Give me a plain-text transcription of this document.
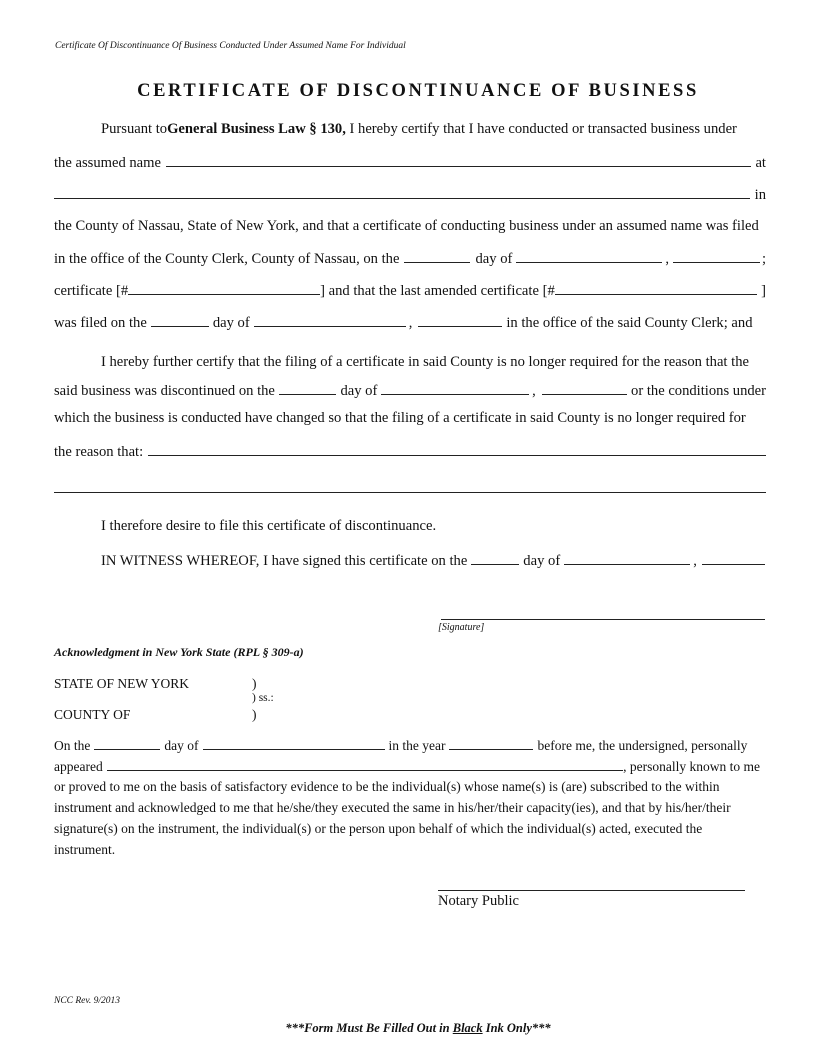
Certificate Of Discontinuance Of Business Conducted Under Assumed Name For Individual
CERTIFICATE OF DISCONTINUANCE OF BUSINESS
Pursuant to General Business Law § 130, I hereby certify that I have conducted or transacted business under
the assumed name	at
in
the County of Nassau, State of New York, and that a certificate of conducting business under an assumed name was filed
in the office of the County Clerk, County of Nassau, on the	day of	,	;
certificate [#	] and that the last amended certificate [#	]
was filed on the	day of	,	in the office of the said County Clerk; and
I hereby further certify that the filing of a certificate in said County is no longer required for the reason that the
said business was discontinued on the	day of	,	or the conditions under
which the business is conducted have changed so that the filing of a certificate in said County is no longer required for
the reason that:
I therefore desire to file this certificate of discontinuance.
IN WITNESS WHEREOF, I have signed this certificate on the	day of	,
[Signature]
Acknowledgment in New York State (RPL § 309-a)
STATE OF NEW YORK	)
) ss.:
COUNTY OF	)
On the	day of	in the year	before me, the undersigned, personally
appeared	, personally known to me
or proved to me on the basis of satisfactory evidence to be the individual(s) whose name(s) is (are) subscribed to the within
instrument and acknowledged to me that he/she/they executed the same in his/her/their capacity(ies), and that by his/her/their
signature(s) on the instrument, the individual(s) or the person upon behalf of which the individual(s) acted, executed the
instrument.
Notary Public
NCC Rev. 9/2013
***Form Must Be Filled Out in Black Ink Only***
